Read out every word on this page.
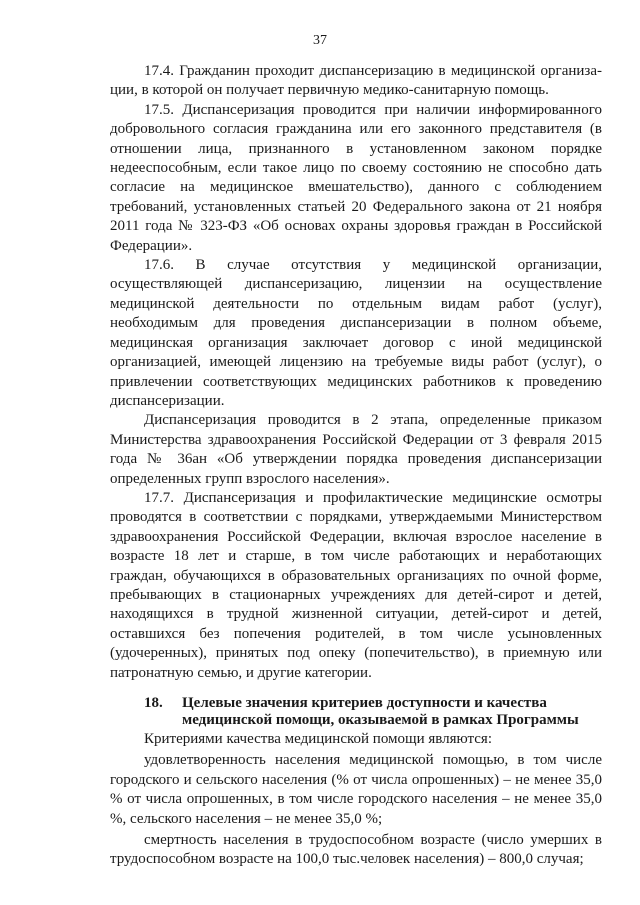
37

17.4. Гражданин проходит диспансеризацию в медицинской организа-ции, в которой он получает первичную медико-санитарную помощь.

17.5. Диспансеризация проводится при наличии информированного добровольного согласия гражданина или его законного представителя (в отношении лица, признанного в установленном законом порядке недееспособным, если такое лицо по своему состоянию не способно дать согласие на медицинское вмешательство), данного с соблюдением требований, установленных статьей 20 Федерального закона от 21 ноября 2011 года № 323-ФЗ «Об основах охраны здоровья граждан в Российской Федерации».

17.6. В случае отсутствия у медицинской организации, осуществляющей диспансеризацию, лицензии на осуществление медицинской деятельности по отдельным видам работ (услуг), необходимым для проведения диспансеризации в полном объеме, медицинская организация заключает договор с иной медицинской организацией, имеющей лицензию на требуемые виды работ (услуг), о привлечении соответствующих медицинских работников к проведению диспансеризации.

Диспансеризация проводится в 2 этапа, определенные приказом Министерства здравоохранения Российской Федерации от 3 февраля 2015 года № 36ан «Об утверждении порядка проведения диспансеризации определенных групп взрослого населения».

17.7. Диспансеризация и профилактические медицинские осмотры проводятся в соответствии с порядками, утверждаемыми Министерством здравоохранения Российской Федерации, включая взрослое население в возрасте 18 лет и старше, в том числе работающих и неработающих граждан, обучающихся в образовательных организациях по очной форме, пребывающих в стационарных учреждениях для детей-сирот и детей, находящихся в трудной жизненной ситуации, детей-сирот и детей, оставшихся без попечения родителей, в том числе усыновленных (удочеренных), принятых под опеку (попечительство), в приемную или патронатную семью, и другие категории.

18.	Целевые значения критериев доступности и качества медицинской помощи, оказываемой в рамках Программы

Критериями качества медицинской помощи являются:

удовлетворенность населения медицинской помощью, в том числе городского и сельского населения (% от числа опрошенных) – не менее 35,0 % от числа опрошенных, в том числе городского населения – не менее 35,0 %, сельского населения – не менее 35,0 %;

смертность населения в трудоспособном возрасте (число умерших в трудоспособном возрасте на 100,0 тыс.человек населения) – 800,0 случая;
